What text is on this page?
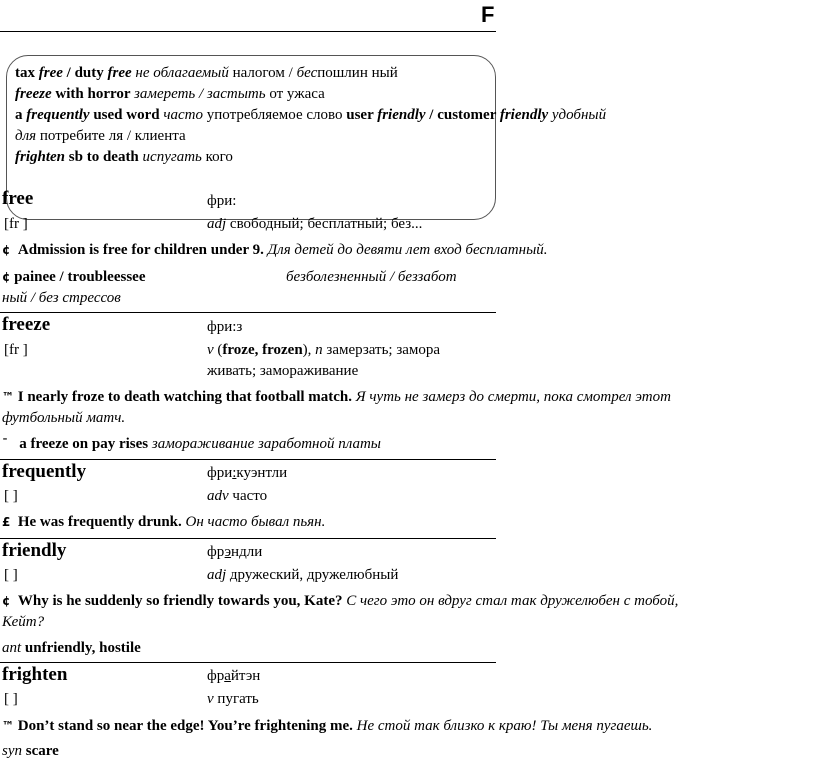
F
tax free / duty free не облагаемый налогом / беспошлин ный
freeze with horror замереть / застыть от ужаса
a frequently used word часто употребляемое слово user friendly / customer friendly удобный
для потребите ля / клиента
frighten sb to death испугать кого
free	фри:
[fr ]	adj свободный; бесплатный; без...
¢ Admission is free for children under 9. Для детей до девяти лет вход бесплатный.
¢ painee / troubleessee	безболезненный / беззабот
ный / без стрессов
freeze	фри:з
[fr ]	v (froze, frozen), n замерзать; замора
живать; замораживание
™ I nearly froze to death watching that football match. Я чуть не замерз до смерти, пока смотрел этот
футбольный матч.
ˉ a freeze on pay rises замораживание заработной платы
frequently	фри:куэнтли
[ ]	adv часто
£ He was frequently drunk. Он часто бывал пьян.
friendly	фрэндли
[ ]	adj дружеский, дружелюбный
¢ Why is he suddenly so friendly towards you, Kate? С чего это он вдруг стал так дружелюбен с тобой,
Кейт?
ant unfriendly, hostile
frighten	фрайтэн
[ ]	v пугать
™ Don’t stand so near the edge! You’re frightening me. Не стой так близко к краю! Ты меня пугаешь.
syn scare
